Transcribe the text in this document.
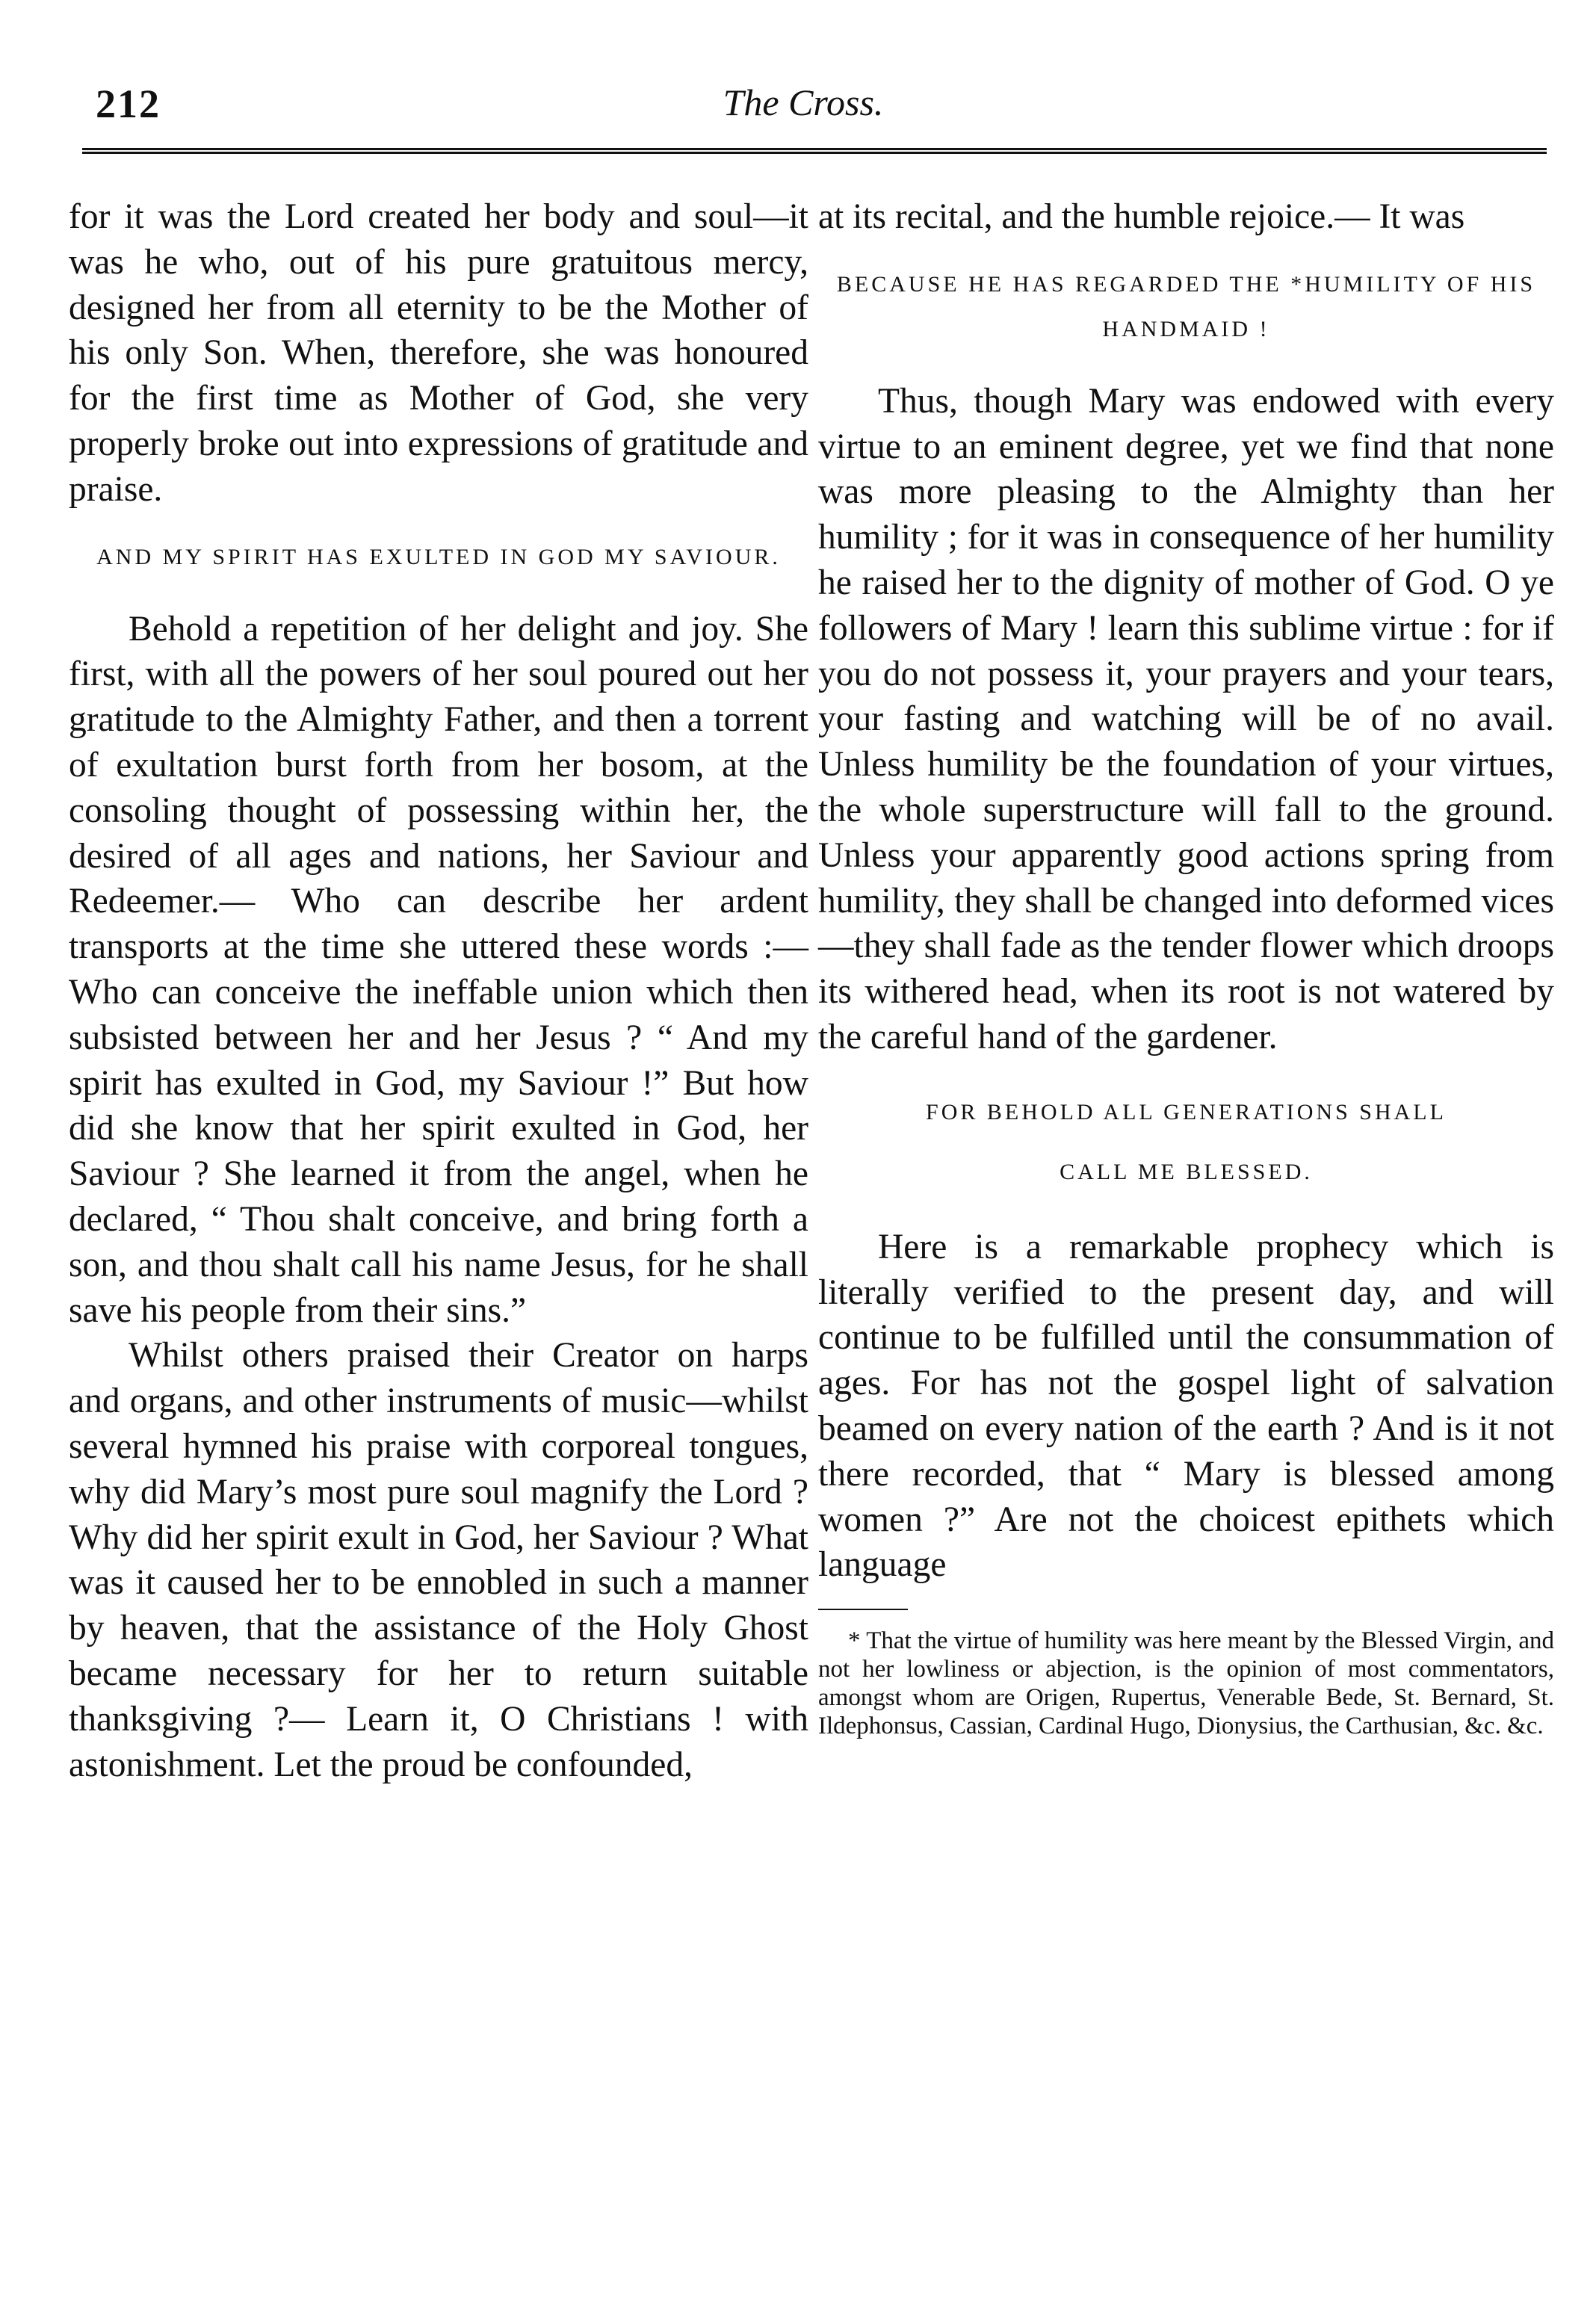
212	The Cross.

for it was the Lord created her body and soul—it was he who, out of his pure gratuitous mercy, designed her from all eternity to be the Mother of his only Son. When, therefore, she was honoured for the first time as Mother of God, she very properly broke out into expressions of gratitude and praise.

AND MY SPIRIT HAS EXULTED IN GOD MY SAVIOUR.

Behold a repetition of her delight and joy. She first, with all the powers of her soul poured out her gratitude to the Almighty Father, and then a torrent of exultation burst forth from her bosom, at the consoling thought of possessing within her, the desired of all ages and nations, her Saviour and Redeemer.— Who can describe her ardent transports at the time she uttered these words :— Who can conceive the ineffable union which then subsisted between her and her Jesus ? “ And my spirit has exulted in God, my Saviour !” But how did she know that her spirit exulted in God, her Saviour ? She learned it from the angel, when he declared, “ Thou shalt conceive, and bring forth a son, and thou shalt call his name Jesus, for he shall save his people from their sins.”

Whilst others praised their Creator on harps and organs, and other instruments of music—whilst several hymned his praise with corporeal tongues, why did Mary’s most pure soul magnify the Lord ? Why did her spirit exult in God, her Saviour ? What was it caused her to be ennobled in such a manner by heaven, that the assistance of the Holy Ghost became necessary for her to return suitable thanksgiving ?— Learn it, O Christians ! with astonishment. Let the proud be confounded,

at its recital, and the humble rejoice.— It was

BECAUSE HE HAS REGARDED THE *HUMILITY OF HIS HANDMAID !

Thus, though Mary was endowed with every virtue to an eminent degree, yet we find that none was more pleasing to the Almighty than her humility ; for it was in consequence of her humility he raised her to the dignity of mother of God. O ye followers of Mary ! learn this sublime virtue : for if you do not possess it, your prayers and your tears, your fasting and watching will be of no avail. Unless humility be the foundation of your virtues, the whole superstructure will fall to the ground. Unless your apparently good actions spring from humility, they shall be changed into deformed vices—they shall fade as the tender flower which droops its withered head, when its root is not watered by the careful hand of the gardener.

FOR BEHOLD ALL GENERATIONS SHALL
CALL ME BLESSED.

Here is a remarkable prophecy which is literally verified to the present day, and will continue to be fulfilled until the consummation of ages. For has not the gospel light of salvation beamed on every nation of the earth ? And is it not there recorded, that “ Mary is blessed among women ?” Are not the choicest epithets which language

* That the virtue of humility was here meant by the Blessed Virgin, and not her lowliness or abjection, is the opinion of most commentators, amongst whom are Origen, Rupertus, Venerable Bede, St. Bernard, St. Ildephonsus, Cassian, Cardinal Hugo, Dionysius, the Carthusian, &c. &c.
